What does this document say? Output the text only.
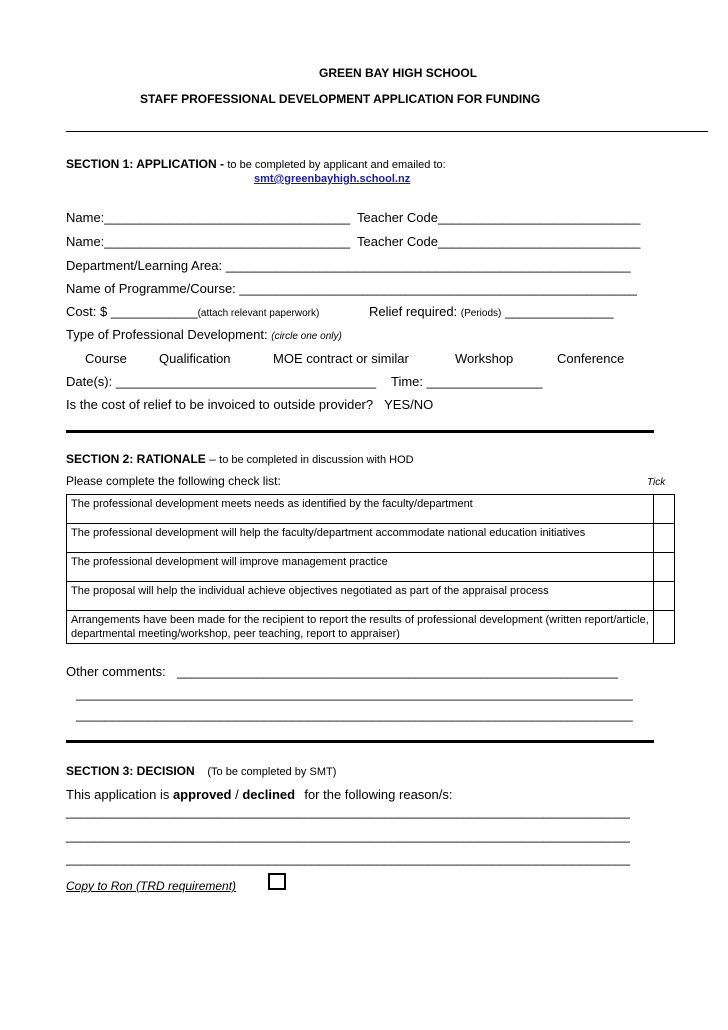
GREEN BAY HIGH SCHOOL
STAFF PROFESSIONAL DEVELOPMENT APPLICATION FOR FUNDING
SECTION 1: APPLICATION - to be completed by applicant and emailed to:
smt@greenbayhigh.school.nz
Name:__________________________________ Teacher Code____________________________
Name:__________________________________ Teacher Code____________________________
Department/Learning Area: ________________________________________________________
Name of Programme/Course: _______________________________________________________
Cost: $ ____________(attach relevant paperwork)	Relief required: (Periods) _______________
Type of Professional Development: (circle one only)
Course Qualification	MOE contract or similar	Workshop	Conference
Date(s): ____________________________________ Time: ________________
Is the cost of relief to be invoiced to outside provider? YES/NO
SECTION 2: RATIONALE – to be completed in discussion with HOD
Please complete the following check list:	Tick
The professional development meets needs as identified by the faculty/department	
The professional development will help the faculty/department accommodate national education initiatives	
The professional development will improve management practice	
The proposal will help the individual achieve objectives negotiated as part of the appraisal process	
Arrangements have been made for the recipient to report the results of professional development (written report/article, departmental meeting/workshop, peer teaching, report to appraiser)	
Other comments: _____________________________________________________________
_____________________________________________________________________________
_____________________________________________________________________________
SECTION 3: DECISION (To be completed by SMT)
This application is approved / declined for the following reason/s:
______________________________________________________________________________
______________________________________________________________________________
______________________________________________________________________________
Copy to Ron (TRD requirement)
